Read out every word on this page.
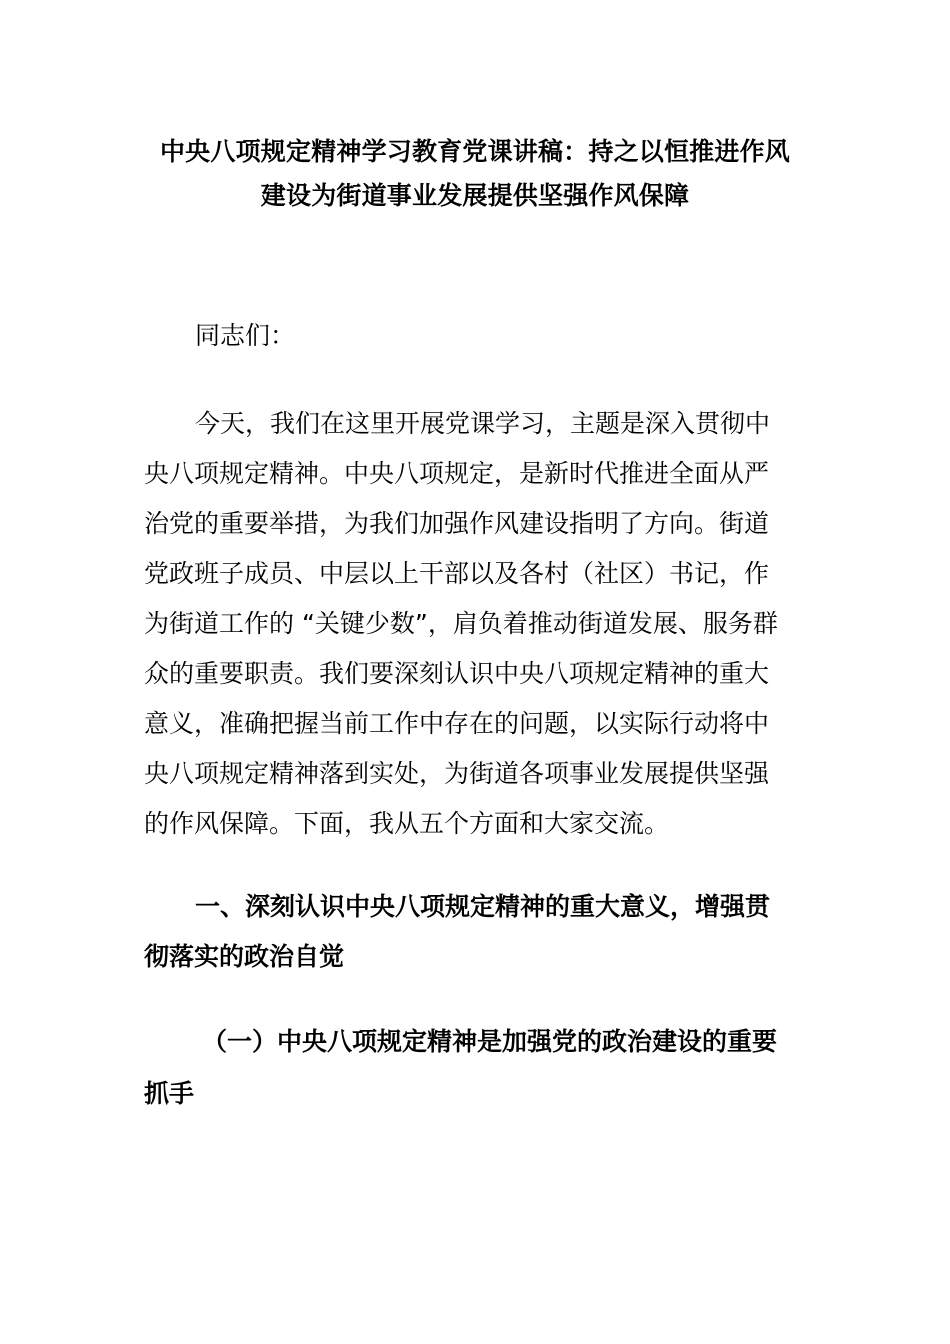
中央八项规定精神学习教育党课讲稿：持之以恒推进作风
建设为街道事业发展提供坚强作风保障
同志们：
今天，我们在这里开展党课学习，主题是深入贯彻中
央八项规定精神。中央八项规定，是新时代推进全面从严
治党的重要举措，为我们加强作风建设指明了方向。街道
党政班子成员、中层以上干部以及各村（社区）书记，作
为街道工作的 “关键少数”，肩负着推动街道发展、服务群
众的重要职责。我们要深刻认识中央八项规定精神的重大
意义，准确把握当前工作中存在的问题，以实际行动将中
央八项规定精神落到实处，为街道各项事业发展提供坚强
的作风保障。下面，我从五个方面和大家交流。
一、深刻认识中央八项规定精神的重大意义，增强贯
彻落实的政治自觉
（一）中央八项规定精神是加强党的政治建设的重要
抓手
